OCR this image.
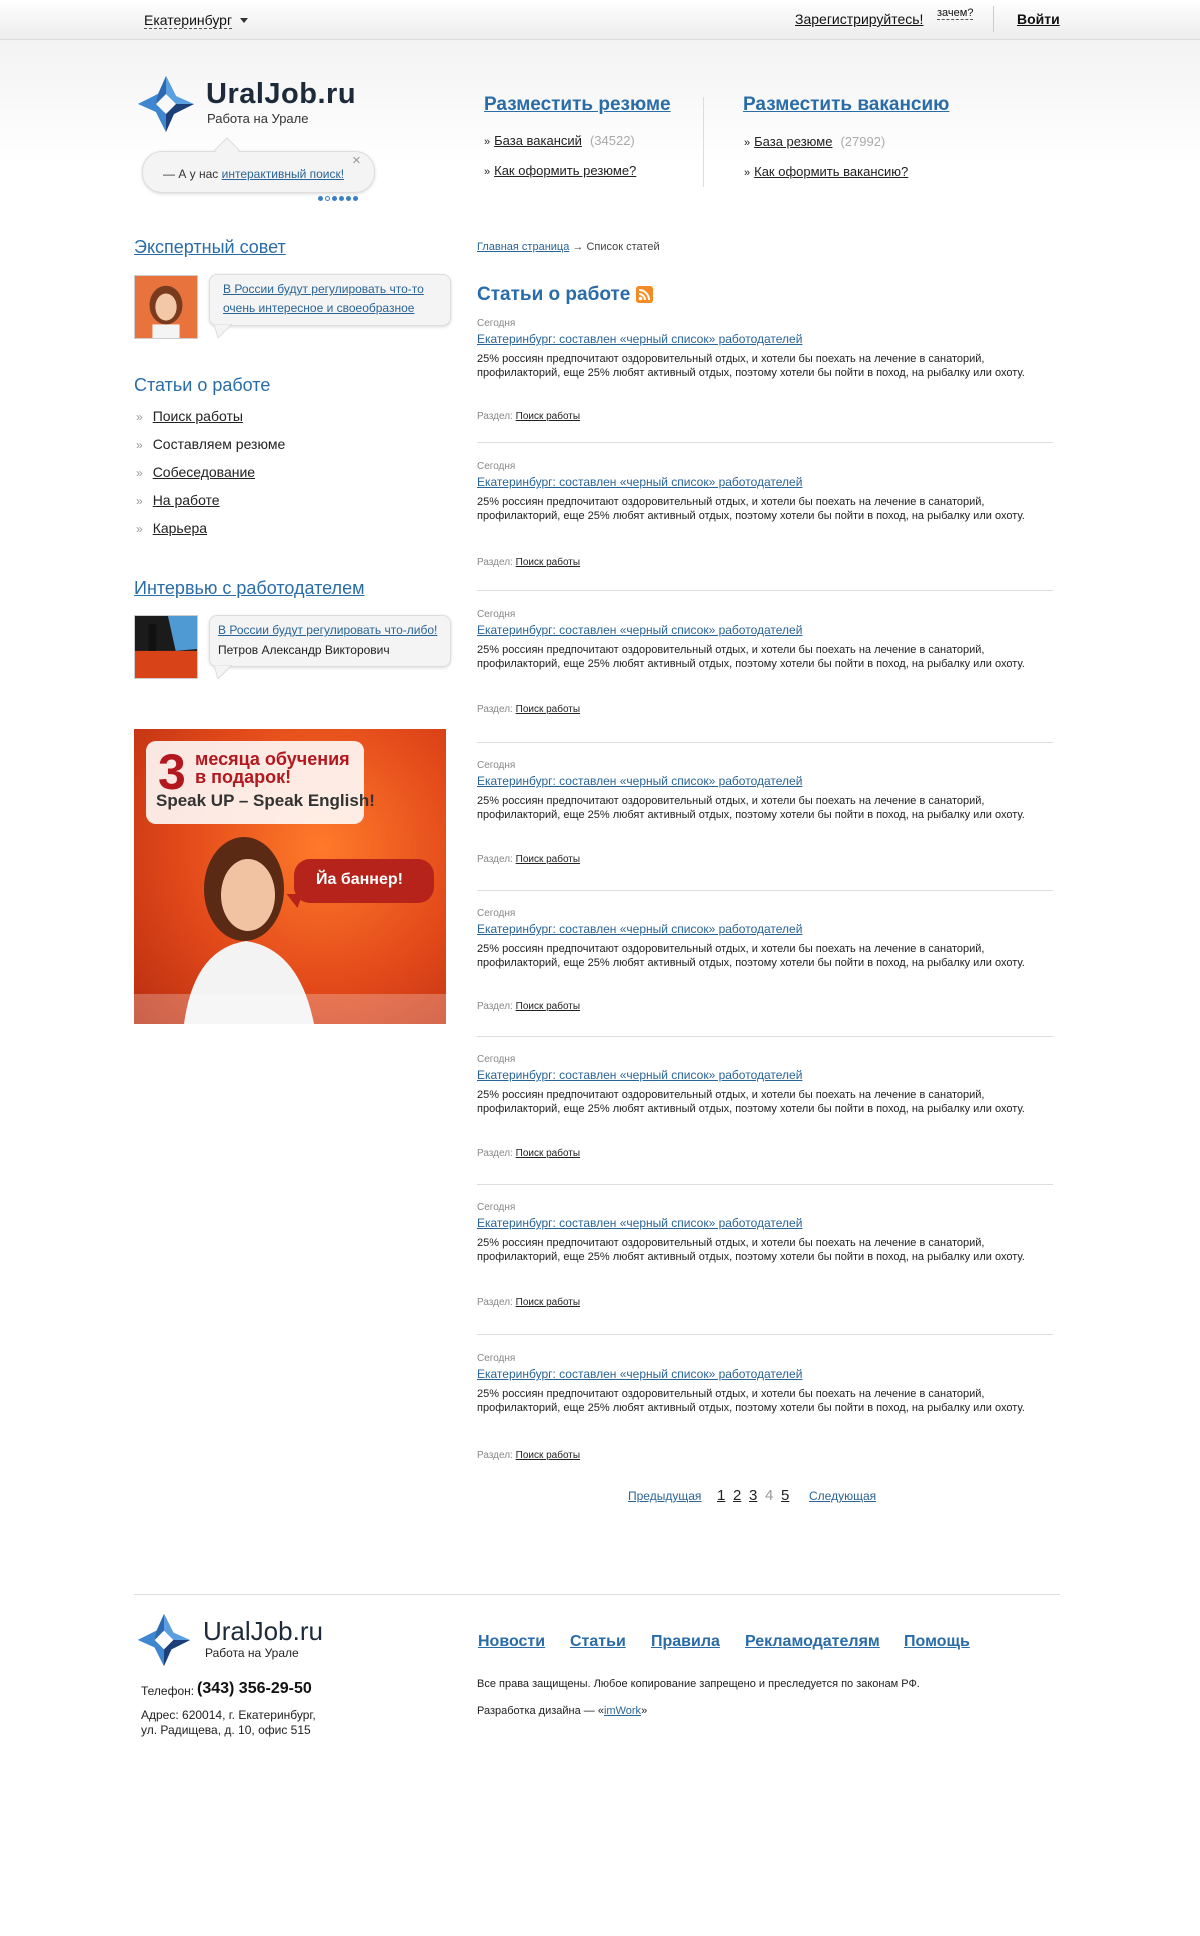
Екатеринбург	Зарегистрируйтесь! зачем?	Войти
UralJob.ru
Работа на Урале
— А у нас интерактивный поиск!
×
Разместить резюме
» База вакансий (34522)
» Как оформить резюме?
Разместить вакансию
» База резюме (27992)
» Как оформить вакансию?
Экспертный совет
В России будут регулировать что-то очень интересное и своеобразное
Статьи о работе
» Поиск работы
» Составляем резюме
» Собеседование
» На работе
» Карьера
Интервью с работодателем
В России будут регулировать что-либо!
Петров Александр Викторович
3 месяца обучения
в подарок!
Speak UP – Speak English!
Йа баннер!
Главная страница → Список статей
Статьи о работе
Сегодня
Екатеринбург: составлен «черный список» работодателей

25% россиян предпочитают оздоровительный отдых, и хотели бы поехать на лечение в санаторий, профилакторий, еще 25% любят активный отдых, поэтому хотели бы пойти в поход, на рыбалку или охоту.

Раздел: Поиск работы
Сегодня
Екатеринбург: составлен «черный список» работодателей

25% россиян предпочитают оздоровительный отдых, и хотели бы поехать на лечение в санаторий, профилакторий, еще 25% любят активный отдых, поэтому хотели бы пойти в поход, на рыбалку или охоту.

Раздел: Поиск работы
Сегодня
Екатеринбург: составлен «черный список» работодателей

25% россиян предпочитают оздоровительный отдых, и хотели бы поехать на лечение в санаторий, профилакторий, еще 25% любят активный отдых, поэтому хотели бы пойти в поход, на рыбалку или охоту.

Раздел: Поиск работы
Сегодня
Екатеринбург: составлен «черный список» работодателей

25% россиян предпочитают оздоровительный отдых, и хотели бы поехать на лечение в санаторий, профилакторий, еще 25% любят активный отдых, поэтому хотели бы пойти в поход, на рыбалку или охоту.

Раздел: Поиск работы
Сегодня
Екатеринбург: составлен «черный список» работодателей

25% россиян предпочитают оздоровительный отдых, и хотели бы поехать на лечение в санаторий, профилакторий, еще 25% любят активный отдых, поэтому хотели бы пойти в поход, на рыбалку или охоту.

Раздел: Поиск работы
Сегодня
Екатеринбург: составлен «черный список» работодателей

25% россиян предпочитают оздоровительный отдых, и хотели бы поехать на лечение в санаторий, профилакторий, еще 25% любят активный отдых, поэтому хотели бы пойти в поход, на рыбалку или охоту.

Раздел: Поиск работы
Сегодня
Екатеринбург: составлен «черный список» работодателей

25% россиян предпочитают оздоровительный отдых, и хотели бы поехать на лечение в санаторий, профилакторий, еще 25% любят активный отдых, поэтому хотели бы пойти в поход, на рыбалку или охоту.

Раздел: Поиск работы
Сегодня
Екатеринбург: составлен «черный список» работодателей

25% россиян предпочитают оздоровительный отдых, и хотели бы поехать на лечение в санаторий, профилакторий, еще 25% любят активный отдых, поэтому хотели бы пойти в поход, на рыбалку или охоту.

Раздел: Поиск работы
Предыдущая 1 2 3 4 5 Следующая
UralJob.ru
Работа на Урале
Телефон: (343) 356-29-50
Адрес: 620014, г. Екатеринбург,
ул. Радищева, д. 10, офис 515
Новости Статьи Правила Рекламодателям Помощь
Все права защищены. Любое копирование запрещено и преследуется по законам РФ.
Разработка дизайна — «imWork»
